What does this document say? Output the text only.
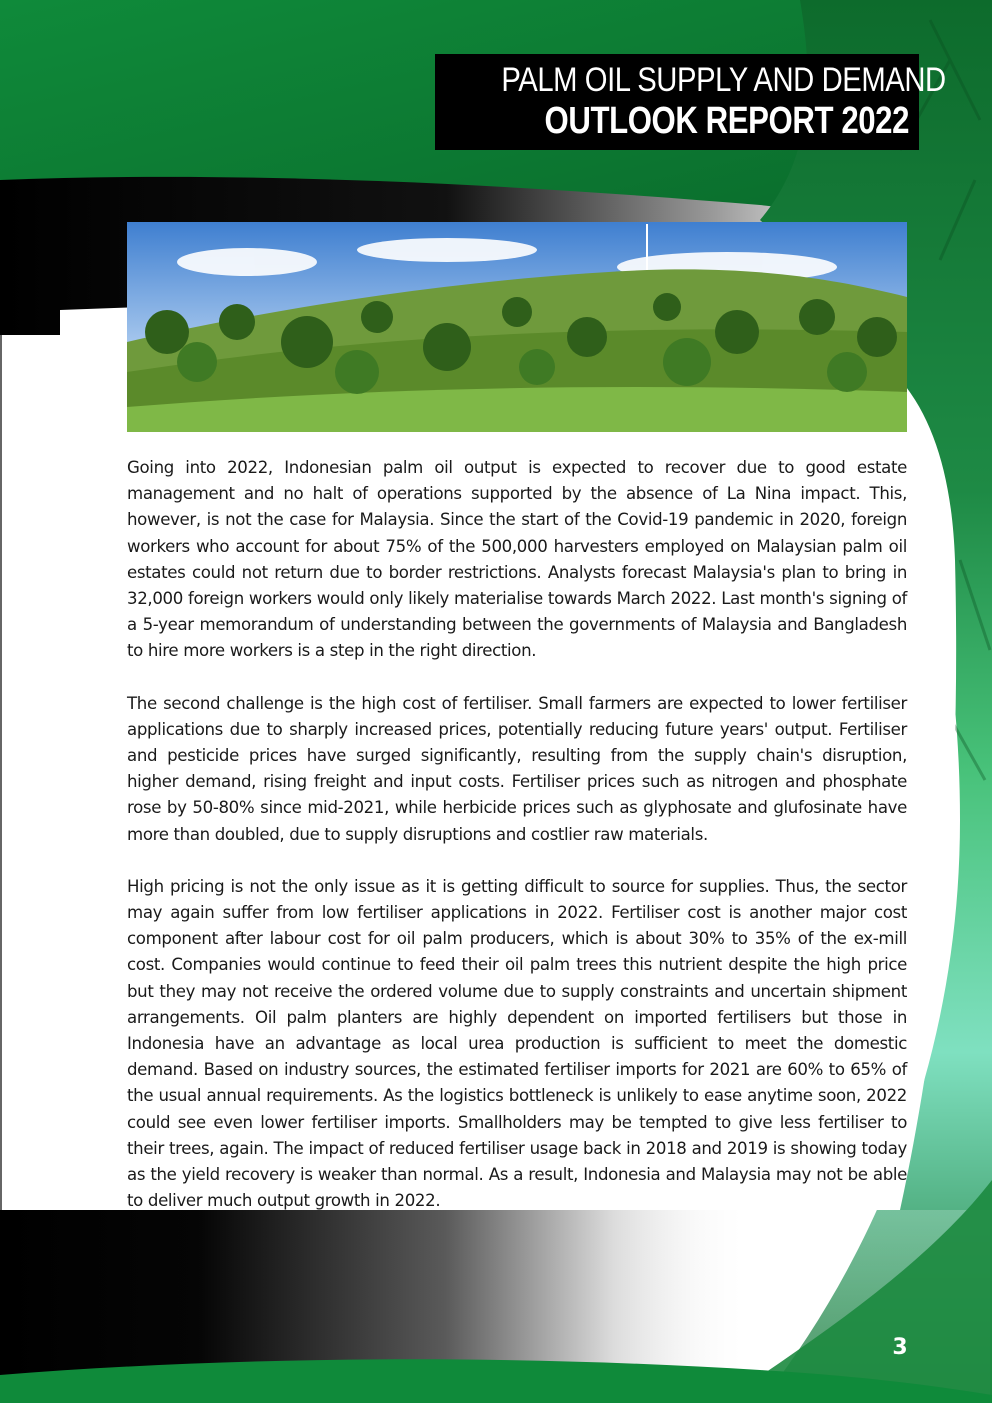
PALM OIL SUPPLY AND DEMAND
OUTLOOK REPORT 2022

Going into 2022, Indonesian palm oil output is expected to recover due to good estate management and no halt of operations supported by the absence of La Nina impact. This, however, is not the case for Malaysia. Since the start of the Covid-19 pandemic in 2020, foreign workers who account for about 75% of the 500,000 harvesters employed on Malaysian palm oil estates could not return due to border restrictions. Analysts forecast Malaysia's plan to bring in 32,000 foreign workers would only likely materialise towards March 2022. Last month's signing of a 5-year memorandum of understanding between the governments of Malaysia and Bangladesh to hire more workers is a step in the right direction.

The second challenge is the high cost of fertiliser. Small farmers are expected to lower fertiliser applications due to sharply increased prices, potentially reducing future years' output. Fertiliser and pesticide prices have surged significantly, resulting from the supply chain's disruption, higher demand, rising freight and input costs. Fertiliser prices such as nitrogen and phosphate rose by 50-80% since mid-2021, while herbicide prices such as glyphosate and glufosinate have more than doubled, due to supply disruptions and costlier raw materials.

High pricing is not the only issue as it is getting difficult to source for supplies. Thus, the sector may again suffer from low fertiliser applications in 2022. Fertiliser cost is another major cost component after labour cost for oil palm producers, which is about 30% to 35% of the ex-mill cost. Companies would continue to feed their oil palm trees this nutrient despite the high price but they may not receive the ordered volume due to supply constraints and uncertain shipment arrangements. Oil palm planters are highly dependent on imported fertilisers but those in Indonesia have an advantage as local urea production is sufficient to meet the domestic demand. Based on industry sources, the estimated fertiliser imports for 2021 are 60% to 65% of the usual annual requirements. As the logistics bottleneck is unlikely to ease anytime soon, 2022 could see even lower fertiliser imports. Smallholders may be tempted to give less fertiliser to their trees, again. The impact of reduced fertiliser usage back in 2018 and 2019 is showing today as the yield recovery is weaker than normal. As a result, Indonesia and Malaysia may not be able to deliver much output growth in 2022.

3
